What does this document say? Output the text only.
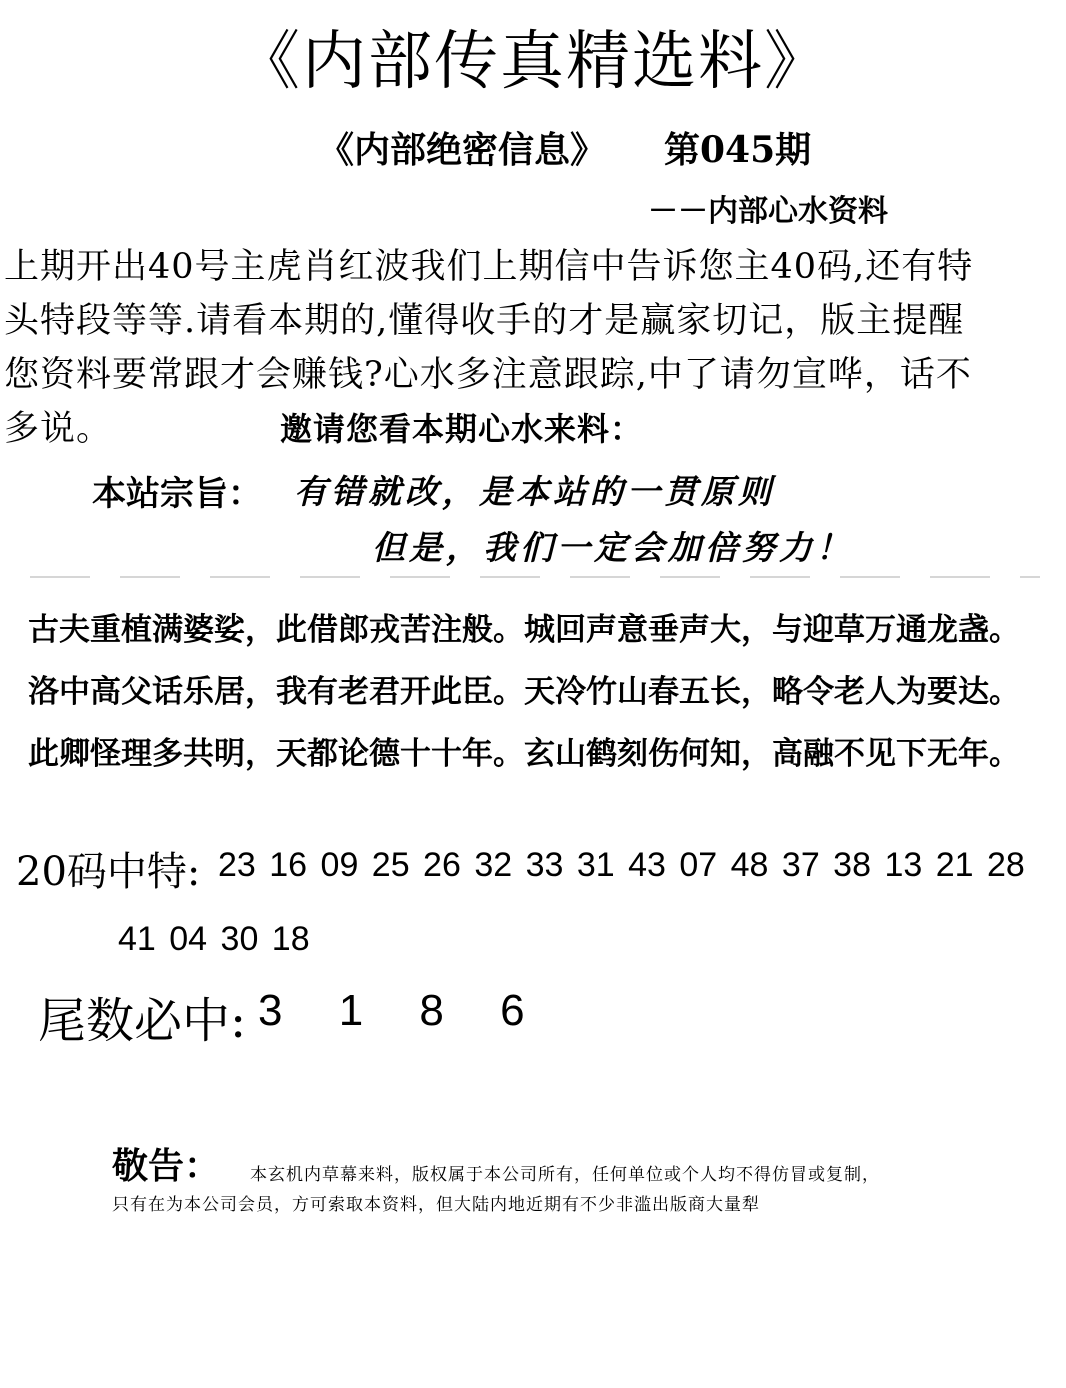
《内部传真精选料》
《内部绝密信息》 第045期
－－内部心水资料
上期开出40号主虎肖红波我们上期信中告诉您主40码,还有特
头特段等等.请看本期的,懂得收手的才是赢家切记，版主提醒
您资料要常跟才会赚钱?心水多注意跟踪,中了请勿宣哗，话不
多说。	邀请您看本期心水来料：
本站宗旨： 有错就改，是本站的一贯原则
但是，我们一定会加倍努力！
古夫重植满婆娑，此借郎戎苦注般。城回声意垂声大，与迎草万通龙盏。
洛中高父话乐居，我有老君开此臣。天冷竹山春五长，略令老人为要达。
此卿怪理多共明，天都论德十十年。玄山鹤刻伤何知，高融不见下无年。
20码中特: 23 16 09 25 26 32 33 31 43 07 48 37 38 13 21 28
41 04 30 18
尾数必中: 3 1 8 6
敬告： 本玄机内草幕来料，版权属于本公司所有，任何单位或个人均不得仿冒或复制，
只有在为本公司会员，方可索取本资料，但大陆内地近期有不少非滥出版商大量犁
